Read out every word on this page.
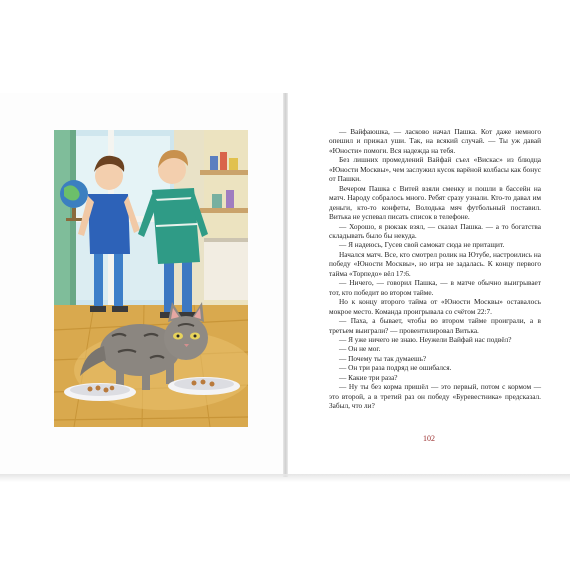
— Вайфаюшка, — ласково начал Пашка. Кот даже немного опешил и прижал уши. Так, на всякий случай. — Ты уж давай «Юности» помоги. Вся надежда на тебя.

Без лишних промедлений Вайфай съел «Вискас» из блюдца «Юности Москвы», чем заслужил кусок варёной колбасы как бонус от Пашки.

Вечером Пашка с Витей взяли сменку и пошли в бассейн на матч. Народу собралось много. Ребят сразу узнали. Кто-то давал им деньги, кто-то конфеты, Володька мяч футбольный поставил. Витька не успевал писать список в телефоне.

— Хорошо, я рюкзак взял, — сказал Пашка. — а то богатства складывать было бы некуда.

— Я надеюсь, Гусев свой самокат сюда не притащит.

Начался матч. Все, кто смотрел ролик на Ютубе, настроились на победу «Юности Москвы», но игра не задалась. К концу первого тайма «Торпедо» вёл 17:6.

— Ничего, — говорил Пашка, — в матче обычно выигрывает тот, кто победит во втором тайме.

Но к концу второго тайма от «Юности Москвы» оставалось мокрое место. Команда проигрывала со счётом 22:7.

— Паха, а бывает, чтобы во втором тайме проиграли, а в третьем выиграли? — провентилировал Витька.

— Я уже ничего не знаю. Неужели Вайфай нас подвёл?

— Он не мог.

— Почему ты так думаешь?

— Он три раза подряд не ошибался.

— Какие три раза?

— Ну ты без корма пришёл — это первый, потом с кормом — это второй, а в третий раз он победу «Буревестника» предсказал. Забыл, что ли?

102
